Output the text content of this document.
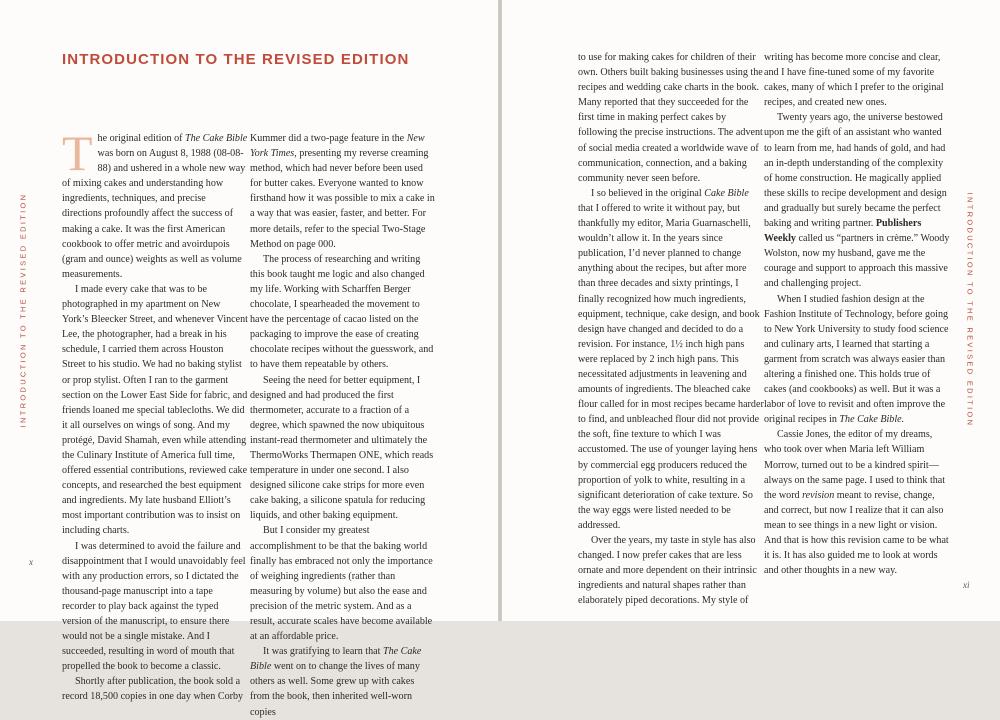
INTRODUCTION TO THE REVISED EDITION

The original edition of The Cake Bible was born on August 8, 1988 (08-08-88) and ushered in a whole new way of mixing cakes and understanding how ingredients, techniques, and precise directions profoundly affect the success of making a cake. It was the first American cookbook to offer metric and avoirdupois (gram and ounce) weights as well as volume measurements.

I made every cake that was to be photographed in my apartment on New York’s Bleecker Street, and whenever Vincent Lee, the photographer, had a break in his schedule, I carried them across Houston Street to his studio. We had no baking stylist or prop stylist. Often I ran to the garment section on the Lower East Side for fabric, and friends loaned me special tablecloths. We did it all ourselves on wings of song. And my protégé, David Shamah, even while attending the Culinary Institute of America full time, offered essential contributions, reviewed cake concepts, and researched the best equipment and ingredients. My late husband Elliott’s most important contribution was to insist on including charts.

I was determined to avoid the failure and disappointment that I would unavoidably feel with any production errors, so I dictated the thousand-page manuscript into a tape recorder to play back against the typed version of the manuscript, to ensure there would not be a single mistake. And I succeeded, resulting in word of mouth that propelled the book to become a classic.

Shortly after publication, the book sold a record 18,500 copies in one day when Corby

Kummer did a two-page feature in the New York Times, presenting my reverse creaming method, which had never before been used for butter cakes. Everyone wanted to know firsthand how it was possible to mix a cake in a way that was easier, faster, and better. For more details, refer to the special Two-Stage Method on page 000.

The process of researching and writing this book taught me logic and also changed my life. Working with Scharffen Berger chocolate, I spearheaded the movement to have the percentage of cacao listed on the packaging to improve the ease of creating chocolate recipes without the guesswork, and to have them repeatable by others.

Seeing the need for better equipment, I designed and had produced the first thermometer, accurate to a fraction of a degree, which spawned the now ubiquitous instant-read thermometer and ultimately the ThermoWorks Thermapen ONE, which reads temperature in under one second. I also designed silicone cake strips for more even cake baking, a silicone spatula for reducing liquids, and other baking equipment.

But I consider my greatest accomplishment to be that the baking world finally has embraced not only the importance of weighing ingredients (rather than measuring by volume) but also the ease and precision of the metric system. And as a result, accurate scales have become available at an affordable price.

It was gratifying to learn that The Cake Bible went on to change the lives of many others as well. Some grew up with cakes from the book, then inherited well-worn copies

INTRODUCTION TO THE REVISED EDITION

x

to use for making cakes for children of their own. Others built baking businesses using the recipes and wedding cake charts in the book. Many reported that they succeeded for the first time in making perfect cakes by following the precise instructions. The advent of social media created a worldwide wave of communication, connection, and a baking community never seen before.

I so believed in the original Cake Bible that I offered to write it without pay, but thankfully my editor, Maria Guarnaschelli, wouldn’t allow it. In the years since publication, I’d never planned to change anything about the recipes, but after more than three decades and sixty printings, I finally recognized how much ingredients, equipment, technique, cake design, and book design have changed and decided to do a revision. For instance, 1½ inch high pans were replaced by 2 inch high pans. This necessitated adjustments in leavening and amounts of ingredients. The bleached cake flour called for in most recipes became harder to find, and unbleached flour did not provide the soft, fine texture to which I was accustomed. The use of younger laying hens by commercial egg producers reduced the proportion of yolk to white, resulting in a significant deterioration of cake texture. So the way eggs were listed needed to be addressed.

Over the years, my taste in style has also changed. I now prefer cakes that are less ornate and more dependent on their intrinsic ingredients and natural shapes rather than elaborately piped decorations. My style of

writing has become more concise and clear, and I have fine-tuned some of my favorite cakes, many of which I prefer to the original recipes, and created new ones.

Twenty years ago, the universe bestowed upon me the gift of an assistant who wanted to learn from me, had hands of gold, and had an in-depth understanding of the complexity of home construction. He magically applied these skills to recipe development and design and gradually but surely became the perfect baking and writing partner. Publishers Weekly called us “partners in crème.” Woody Wolston, now my husband, gave me the courage and support to approach this massive and challenging project.

When I studied fashion design at the Fashion Institute of Technology, before going to New York University to study food science and culinary arts, I learned that starting a garment from scratch was always easier than altering a finished one. This holds true of cakes (and cookbooks) as well. But it was a labor of love to revisit and often improve the original recipes in The Cake Bible.

Cassie Jones, the editor of my dreams, who took over when Maria left William Morrow, turned out to be a kindred spirit—always on the same page. I used to think that the word revision meant to revise, change, and correct, but now I realize that it can also mean to see things in a new light or vision. And that is how this revision came to be what it is. It has also guided me to look at words and other thoughts in a new way.

INTRODUCTION TO THE REVISED EDITION

xi
